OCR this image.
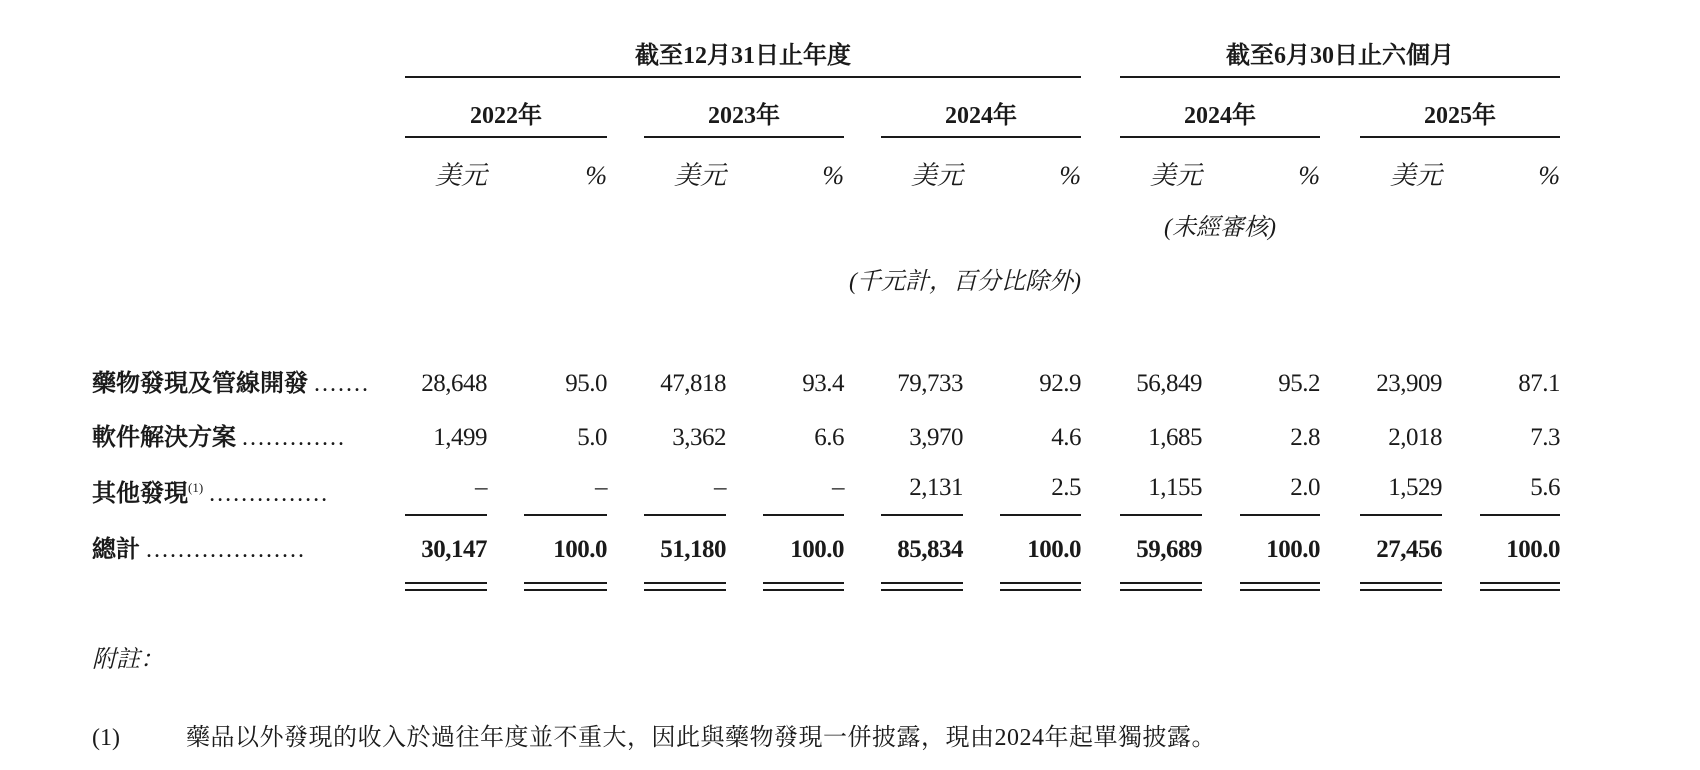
截至12月31日止年度	截至6月30日止六個月
2022年	2023年	2024年	2024年	2025年
美元	%	美元	%	美元	%	美元	%	美元	%
(未經審核)
(千元計，百分比除外)
藥物發現及管線開發 .......	28,648	95.0	47,818	93.4	79,733	92.9	56,849	95.2	23,909	87.1
軟件解決方案 .............	1,499	5.0	3,362	6.6	3,970	4.6	1,685	2.8	2,018	7.3
其他發現$^{(1)}$ ...............	–	–	–	–	2,131	2.5	1,155	2.0	1,529	5.6
總計 ....................	30,147	100.0	51,180	100.0	85,834	100.0	59,689	100.0	27,456	100.0
附註：
(1)	藥品以外發現的收入於過往年度並不重大，因此與藥物發現一併披露，現由2024年起單獨披露。
